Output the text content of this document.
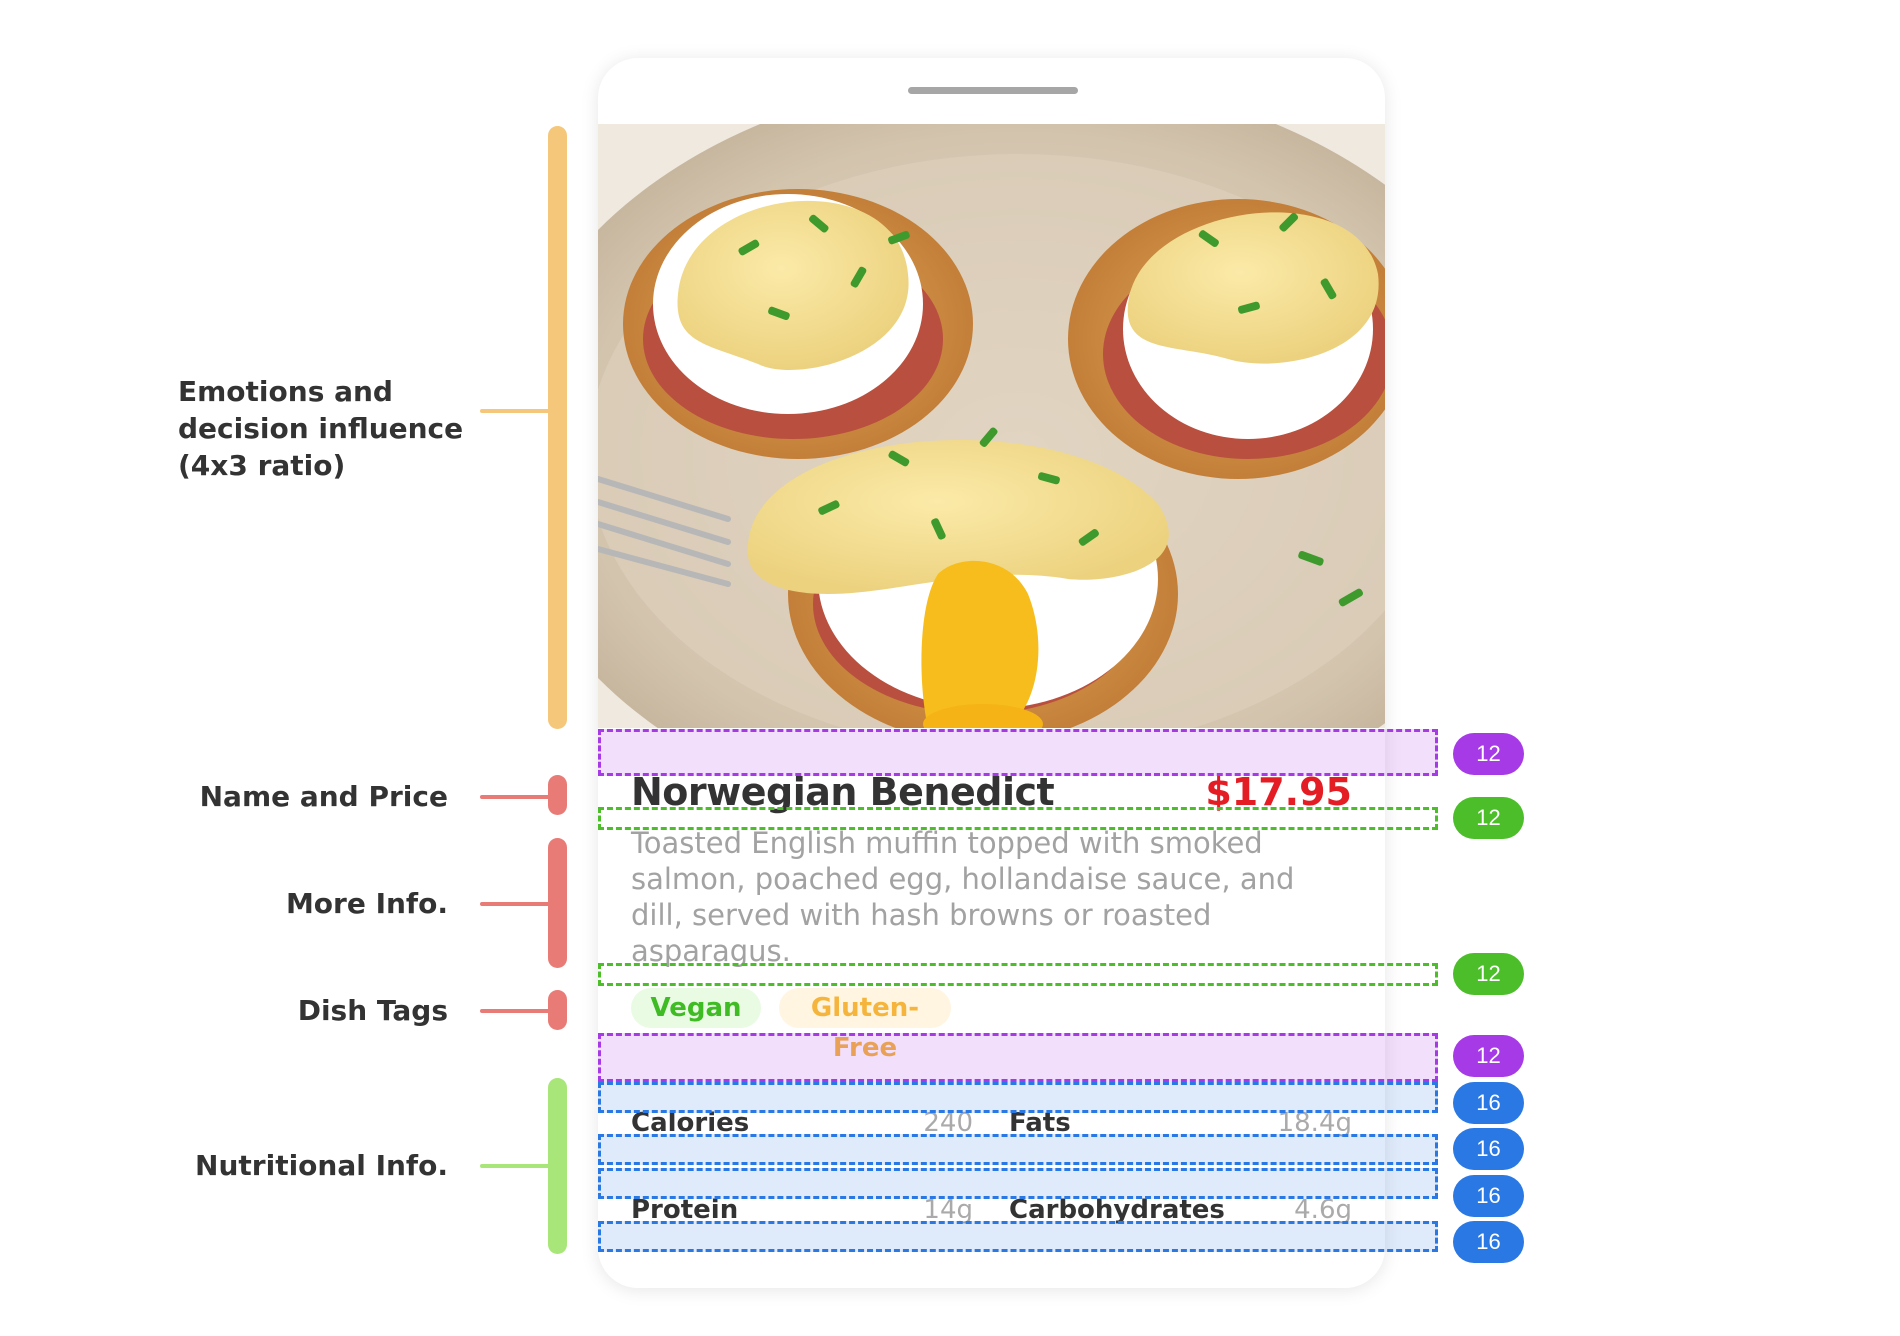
Emotions and
decision influence
(4x3 ratio)
Name and Price
More Info.
Dish Tags
Nutritional Info.
Norwegian Benedict	$17.95
Toasted English muffin topped with smoked salmon, poached egg, hollandaise sauce, and dill, served with hash browns or roasted asparagus.
Vegan	Gluten-Free
Calories	240 Fats	18.4g
Protein	14g Carbohydrates	4.6g
12
12
12
12
16
16
16
16
